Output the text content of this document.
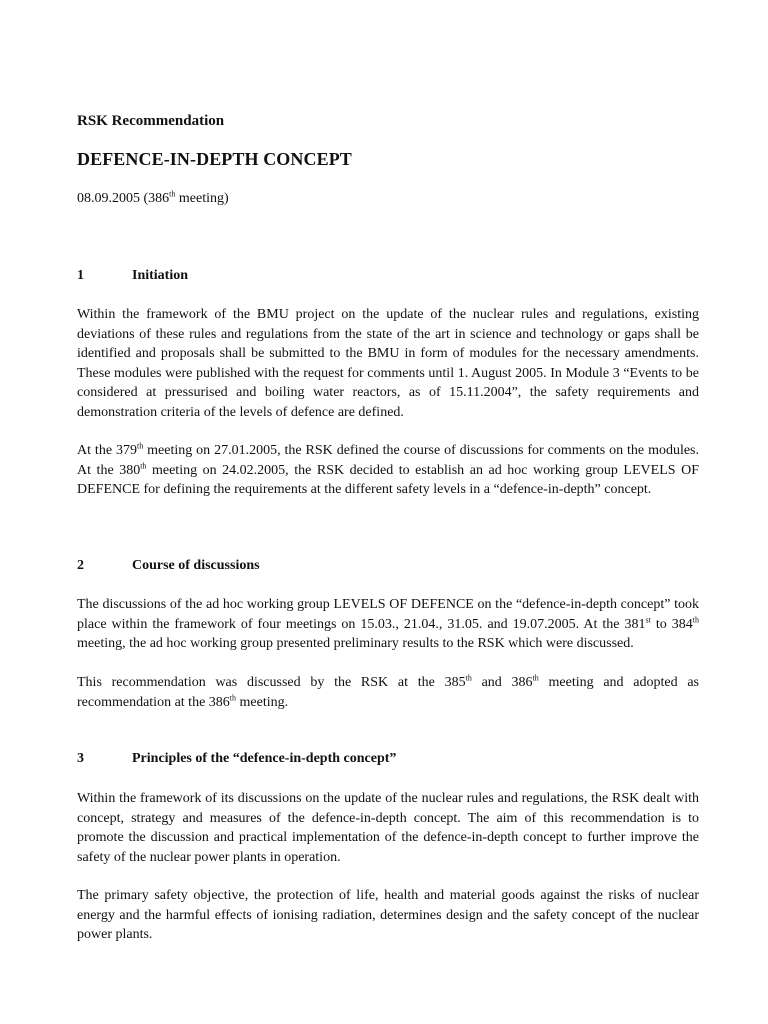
RSK Recommendation
DEFENCE-IN-DEPTH CONCEPT
08.09.2005 (386th meeting)
1	Initiation

Within the framework of the BMU project on the update of the nuclear rules and regulations, existing deviations of these rules and regulations from the state of the art in science and technology or gaps shall be identified and proposals shall be submitted to the BMU in form of modules for the necessary amendments. These modules were published with the request for comments until 1. August 2005. In Module 3 “Events to be considered at pressurised and boiling water reactors, as of 15.11.2004”, the safety requirements and demonstration criteria of the levels of defence are defined.

At the 379th meeting on 27.01.2005, the RSK defined the course of discussions for comments on the modules. At the 380th meeting on 24.02.2005, the RSK decided to establish an ad hoc working group LEVELS OF DEFENCE for defining the requirements at the different safety levels in a “defence-in-depth” concept.

2	Course of discussions

The discussions of the ad hoc working group LEVELS OF DEFENCE on the “defence-in-depth concept” took place within the framework of four meetings on 15.03., 21.04., 31.05. and 19.07.2005. At the 381st to 384th meeting, the ad hoc working group presented preliminary results to the RSK which were discussed.

This recommendation was discussed by the RSK at the 385th and 386th meeting and adopted as recommendation at the 386th meeting.

3	Principles of the “defence-in-depth concept”

Within the framework of its discussions on the update of the nuclear rules and regulations, the RSK dealt with concept, strategy and measures of the defence-in-depth concept. The aim of this recommendation is to promote the discussion and practical implementation of the defence-in-depth concept to further improve the safety of the nuclear power plants in operation.

The primary safety objective, the protection of life, health and material goods against the risks of nuclear energy and the harmful effects of ionising radiation, determines design and the safety concept of the nuclear power plants.
